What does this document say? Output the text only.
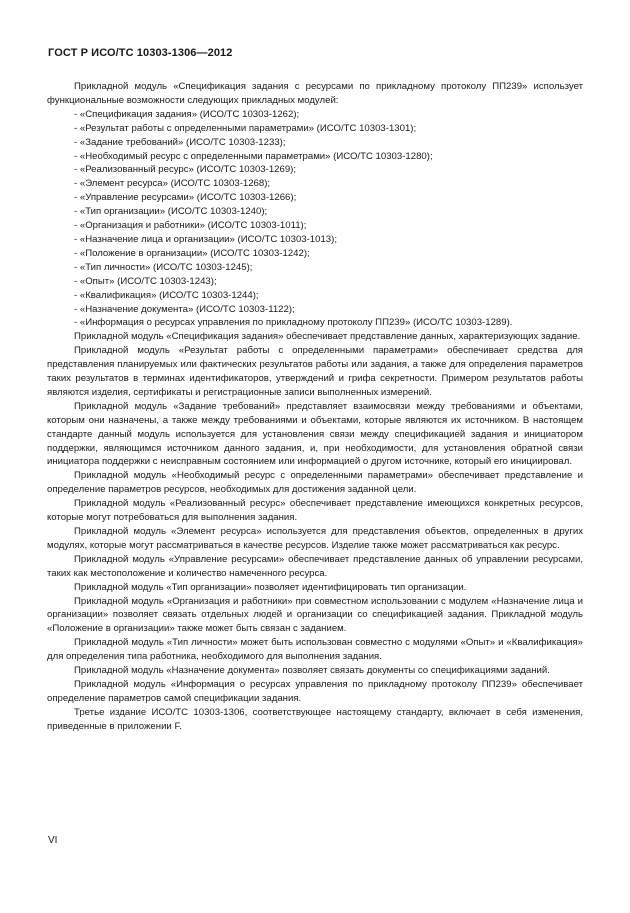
ГОСТ Р ИСО/ТС 10303-1306—2012

Прикладной модуль «Спецификация задания с ресурсами по прикладному протоколу ПП239» использует функциональные возможности следующих прикладных модулей:

- «Спецификация задания» (ИСО/ТС 10303-1262);
- «Результат работы с определенными параметрами» (ИСО/ТС 10303-1301);
- «Задание требований» (ИСО/ТС 10303-1233);
- «Необходимый ресурс с определенными параметрами» (ИСО/ТС 10303-1280);
- «Реализованный ресурс» (ИСО/ТС 10303-1269);
- «Элемент ресурса» (ИСО/ТС 10303-1268);
- «Управление ресурсами» (ИСО/ТС 10303-1266);
- «Тип организации» (ИСО/ТС 10303-1240);
- «Организация и работники» (ИСО/ТС 10303-1011);
- «Назначение лица и организации» (ИСО/ТС 10303-1013);
- «Положение в организации» (ИСО/ТС 10303-1242);
- «Тип личности» (ИСО/ТС 10303-1245);
- «Опыт» (ИСО/ТС 10303-1243);
- «Квалификация» (ИСО/ТС 10303-1244);
- «Назначение документа» (ИСО/ТС 10303-1122);
- «Информация о ресурсах управления по прикладному протоколу ПП239» (ИСО/ТС 10303-1289).

Прикладной модуль «Спецификация задания» обеспечивает представление данных, характеризующих задание.

Прикладной модуль «Результат работы с определенными параметрами» обеспечивает средства для представления планируемых или фактических результатов работы или задания, а также для определения параметров таких результатов в терминах идентификаторов, утверждений и грифа секретности. Примером результатов работы являются изделия, сертификаты и регистрационные записи выполненных измерений.

Прикладной модуль «Задание требований» представляет взаимосвязи между требованиями и объектами, которым они назначены, а также между требованиями и объектами, которые являются их источником. В настоящем стандарте данный модуль используется для установления связи между спецификацией задания и инициатором поддержки, являющимся источником данного задания, и, при необходимости, для установления обратной связи инициатора поддержки с неисправным состоянием или информацией о другом источнике, который его инициировал.

Прикладной модуль «Необходимый ресурс с определенными параметрами» обеспечивает представление и определение параметров ресурсов, необходимых для достижения заданной цели.

Прикладной модуль «Реализованный ресурс» обеспечивает представление имеющихся конкретных ресурсов, которые могут потребоваться для выполнения задания.

Прикладной модуль «Элемент ресурса» используется для представления объектов, определенных в других модулях, которые могут рассматриваться в качестве ресурсов. Изделие также может рассматриваться как ресурс.

Прикладной модуль «Управление ресурсами» обеспечивает представление данных об управлении ресурсами, таких как местоположение и количество намеченного ресурса.

Прикладной модуль «Тип организации» позволяет идентифицировать тип организации.

Прикладной модуль «Организация и работники» при совместном использовании с модулем «Назначение лица и организации» позволяет связать отдельных людей и организации со спецификацией задания. Прикладной модуль «Положение в организации» также может быть связан с заданием.

Прикладной модуль «Тип личности» может быть использован совместно с модулями «Опыт» и «Квалификация» для определения типа работника, необходимого для выполнения задания.

Прикладной модуль «Назначение документа» позволяет связать документы со спецификациями заданий.

Прикладной модуль «Информация о ресурсах управления по прикладному протоколу ПП239» обеспечивает определение параметров самой спецификации задания.

Третье издание ИСО/ТС 10303-1306, соответствующее настоящему стандарту, включает в себя изменения, приведенные в приложении F.

VI
